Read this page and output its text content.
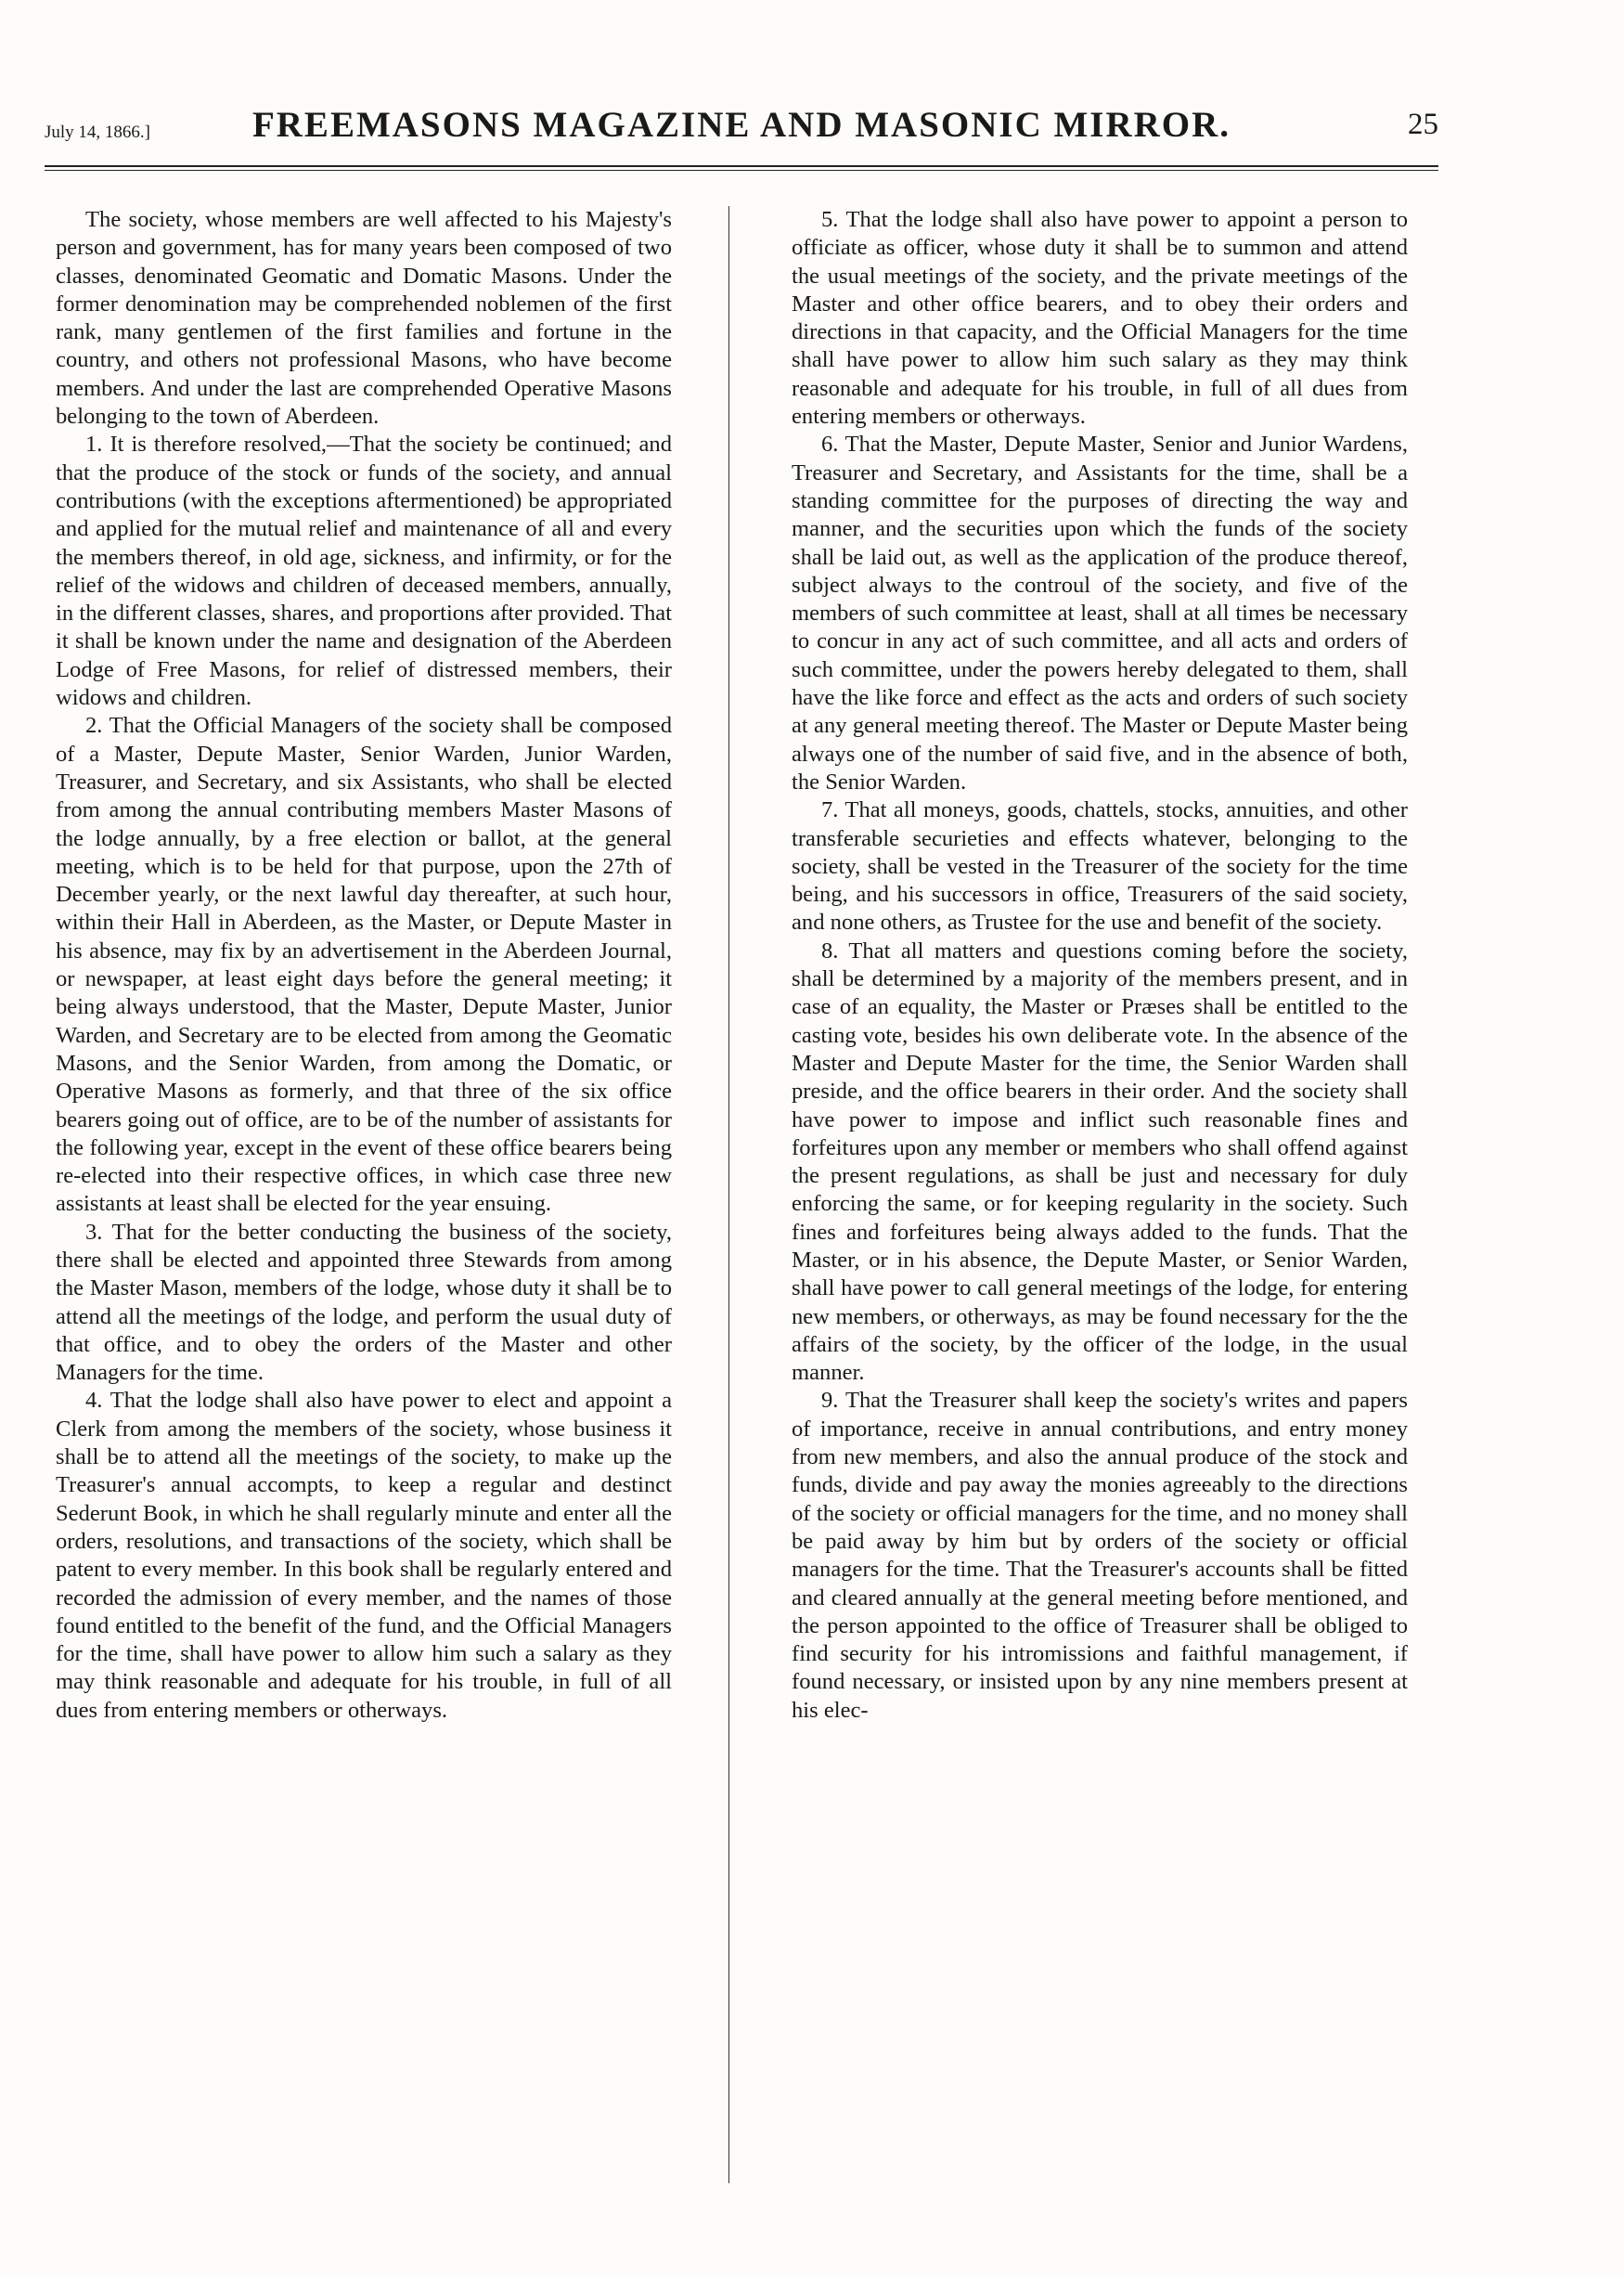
July 14, 1866.]	FREEMASONS MAGAZINE AND MASONIC MIRROR.	25

The society, whose members are well affected to his Majesty's person and government, has for many years been composed of two classes, denominated Geomatic and Domatic Masons. Under the former denomination may be comprehended noblemen of the first rank, many gentlemen of the first families and fortune in the country, and others not professional Masons, who have become members. And under the last are comprehended Operative Masons belonging to the town of Aberdeen.

1. It is therefore resolved,—That the society be continued; and that the produce of the stock or funds of the society, and annual contributions (with the exceptions aftermentioned) be appropriated and applied for the mutual relief and maintenance of all and every the members thereof, in old age, sickness, and infirmity, or for the relief of the widows and children of deceased members, annually, in the different classes, shares, and proportions after provided. That it shall be known under the name and designation of the Aberdeen Lodge of Free Masons, for relief of distressed members, their widows and children.

2. That the Official Managers of the society shall be composed of a Master, Depute Master, Senior Warden, Junior Warden, Treasurer, and Secretary, and six Assistants, who shall be elected from among the annual contributing members Master Masons of the lodge annually, by a free election or ballot, at the general meeting, which is to be held for that purpose, upon the 27th of December yearly, or the next lawful day thereafter, at such hour, within their Hall in Aberdeen, as the Master, or Depute Master in his absence, may fix by an advertisement in the Aberdeen Journal, or newspaper, at least eight days before the general meeting; it being always understood, that the Master, Depute Master, Junior Warden, and Secretary are to be elected from among the Geomatic Masons, and the Senior Warden, from among the Domatic, or Operative Masons as formerly, and that three of the six office bearers going out of office, are to be of the number of assistants for the following year, except in the event of these office bearers being re-elected into their respective offices, in which case three new assistants at least shall be elected for the year ensuing.

3. That for the better conducting the business of the society, there shall be elected and appointed three Stewards from among the Master Mason, members of the lodge, whose duty it shall be to attend all the meetings of the lodge, and perform the usual duty of that office, and to obey the orders of the Master and other Managers for the time.

4. That the lodge shall also have power to elect and appoint a Clerk from among the members of the society, whose business it shall be to attend all the meetings of the society, to make up the Treasurer's annual accompts, to keep a regular and destinct Sederunt Book, in which he shall regularly minute and enter all the orders, resolutions, and transactions of the society, which shall be patent to every member. In this book shall be regularly entered and recorded the admission of every member, and the names of those found entitled to the benefit of the fund, and the Official Managers for the time, shall have power to allow him such a salary as they may think reasonable and adequate for his trouble, in full of all dues from entering members or otherways.

5. That the lodge shall also have power to appoint a person to officiate as officer, whose duty it shall be to summon and attend the usual meetings of the society, and the private meetings of the Master and other office bearers, and to obey their orders and directions in that capacity, and the Official Managers for the time shall have power to allow him such salary as they may think reasonable and adequate for his trouble, in full of all dues from entering members or otherways.

6. That the Master, Depute Master, Senior and Junior Wardens, Treasurer and Secretary, and Assistants for the time, shall be a standing committee for the purposes of directing the way and manner, and the securities upon which the funds of the society shall be laid out, as well as the application of the produce thereof, subject always to the controul of the society, and five of the members of such committee at least, shall at all times be necessary to concur in any act of such committee, and all acts and orders of such committee, under the powers hereby delegated to them, shall have the like force and effect as the acts and orders of such society at any general meeting thereof. The Master or Depute Master being always one of the number of said five, and in the absence of both, the Senior Warden.

7. That all moneys, goods, chattels, stocks, annuities, and other transferable securieties and effects whatever, belonging to the society, shall be vested in the Treasurer of the society for the time being, and his successors in office, Treasurers of the said society, and none others, as Trustee for the use and benefit of the society.

8. That all matters and questions coming before the society, shall be determined by a majority of the members present, and in case of an equality, the Master or Præses shall be entitled to the casting vote, besides his own deliberate vote. In the absence of the Master and Depute Master for the time, the Senior Warden shall preside, and the office bearers in their order. And the society shall have power to impose and inflict such reasonable fines and forfeitures upon any member or members who shall offend against the present regulations, as shall be just and necessary for duly enforcing the same, or for keeping regularity in the society. Such fines and forfeitures being always added to the funds. That the Master, or in his absence, the Depute Master, or Senior Warden, shall have power to call general meetings of the lodge, for entering new members, or otherways, as may be found necessary for the the affairs of the society, by the officer of the lodge, in the usual manner.

9. That the Treasurer shall keep the society's writes and papers of importance, receive in annual contributions, and entry money from new members, and also the annual produce of the stock and funds, divide and pay away the monies agreeably to the directions of the society or official managers for the time, and no money shall be paid away by him but by orders of the society or official managers for the time. That the Treasurer's accounts shall be fitted and cleared annually at the general meeting before mentioned, and the person appointed to the office of Treasurer shall be obliged to find security for his intromissions and faithful management, if found necessary, or insisted upon by any nine members present at his elec-
